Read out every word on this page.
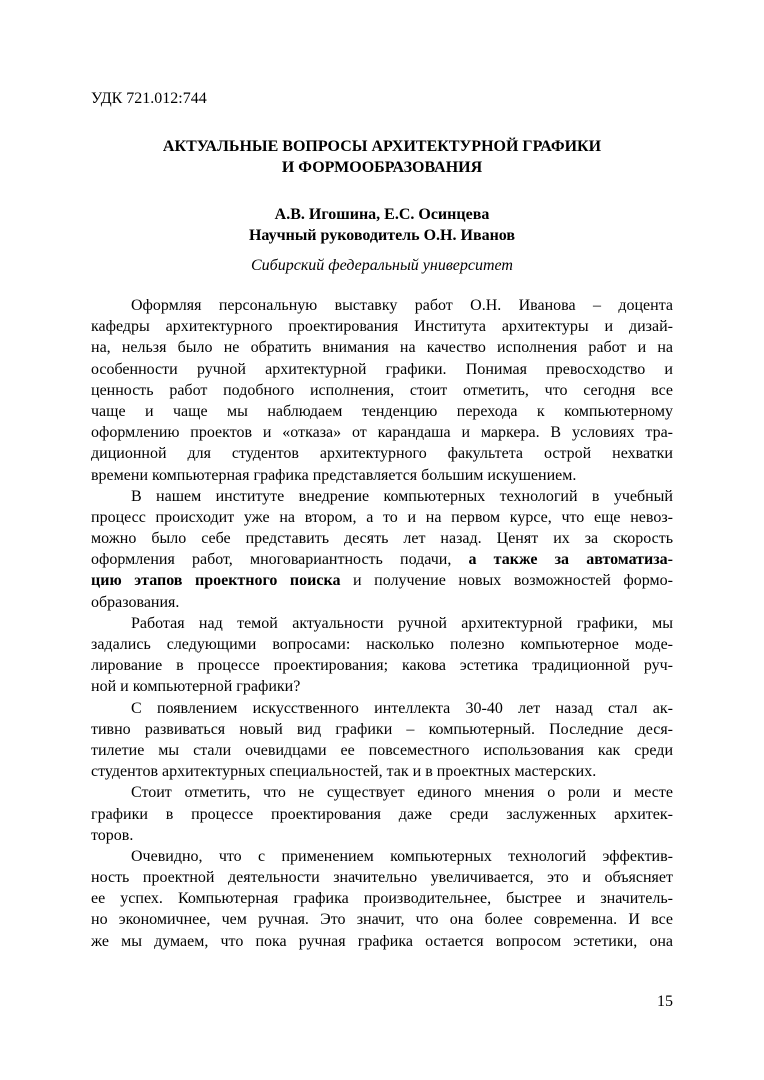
УДК 721.012:744
АКТУАЛЬНЫЕ ВОПРОСЫ АРХИТЕКТУРНОЙ ГРАФИКИ
И ФОРМООБРАЗОВАНИЯ
А.В. Игошина, Е.С. Осинцева
Научный руководитель О.Н. Иванов
Сибирский федеральный университет
Оформляя персональную выставку работ О.Н. Иванова – доцента
кафедры архитектурного проектирования Института архитектуры и дизай-
на, нельзя было не обратить внимания на качество исполнения работ и на
особенности ручной архитектурной графики. Понимая превосходство и
ценность работ подобного исполнения, стоит отметить, что сегодня все
чаще и чаще мы наблюдаем тенденцию перехода к компьютерному
оформлению проектов и «отказа» от карандаша и маркера. В условиях тра-
диционной для студентов архитектурного факультета острой нехватки
времени компьютерная графика представляется большим искушением.
В нашем институте внедрение компьютерных технологий в учебный
процесс происходит уже на втором, а то и на первом курсе, что еще невоз-
можно было себе представить десять лет назад. Ценят их за скорость
оформления работ, многовариантность подачи, а также за автоматиза-
цию этапов проектного поиска и получение новых возможностей формо-
образования.
Работая над темой актуальности ручной архитектурной графики, мы
задались следующими вопросами: насколько полезно компьютерное моде-
лирование в процессе проектирования; какова эстетика традиционной руч-
ной и компьютерной графики?
С появлением искусственного интеллекта 30-40 лет назад стал ак-
тивно развиваться новый вид графики – компьютерный. Последние деся-
тилетие мы стали очевидцами ее повсеместного использования как среди
студентов архитектурных специальностей, так и в проектных мастерских.
Стоит отметить, что не существует единого мнения о роли и месте
графики в процессе проектирования даже среди заслуженных архитек-
торов.
Очевидно, что с применением компьютерных технологий эффектив-
ность проектной деятельности значительно увеличивается, это и объясняет
ее успех. Компьютерная графика производительнее, быстрее и значитель-
но экономичнее, чем ручная. Это значит, что она более современна. И все
же мы думаем, что пока ручная графика остается вопросом эстетики, она
15
